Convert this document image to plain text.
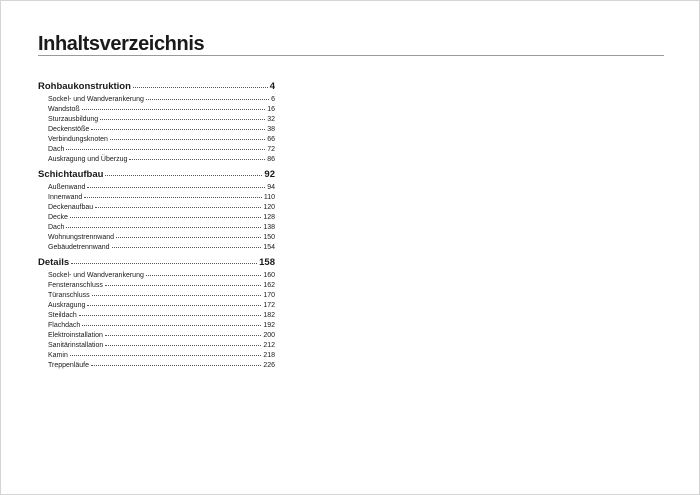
Inhaltsverzeichnis
Rohbaukonstruktion	4
Sockel- und Wandverankerung	6
Wandstoß	16
Sturzausbildung	32
Deckenstöße	38
Verbindungsknoten	66
Dach	72
Auskragung und Überzug	86
Schichtaufbau	92
Außenwand	94
Innenwand	110
Deckenaufbau	120
Decke	128
Dach	138
Wohnungstrennwand	150
Gebäudetrennwand	154
Details	158
Sockel- und Wandverankerung	160
Fensteranschluss	162
Türanschluss	170
Auskragung	172
Steildach	182
Flachdach	192
Elektroinstallation	200
Sanitärinstallation	212
Kamin	218
Treppenläufe	226
